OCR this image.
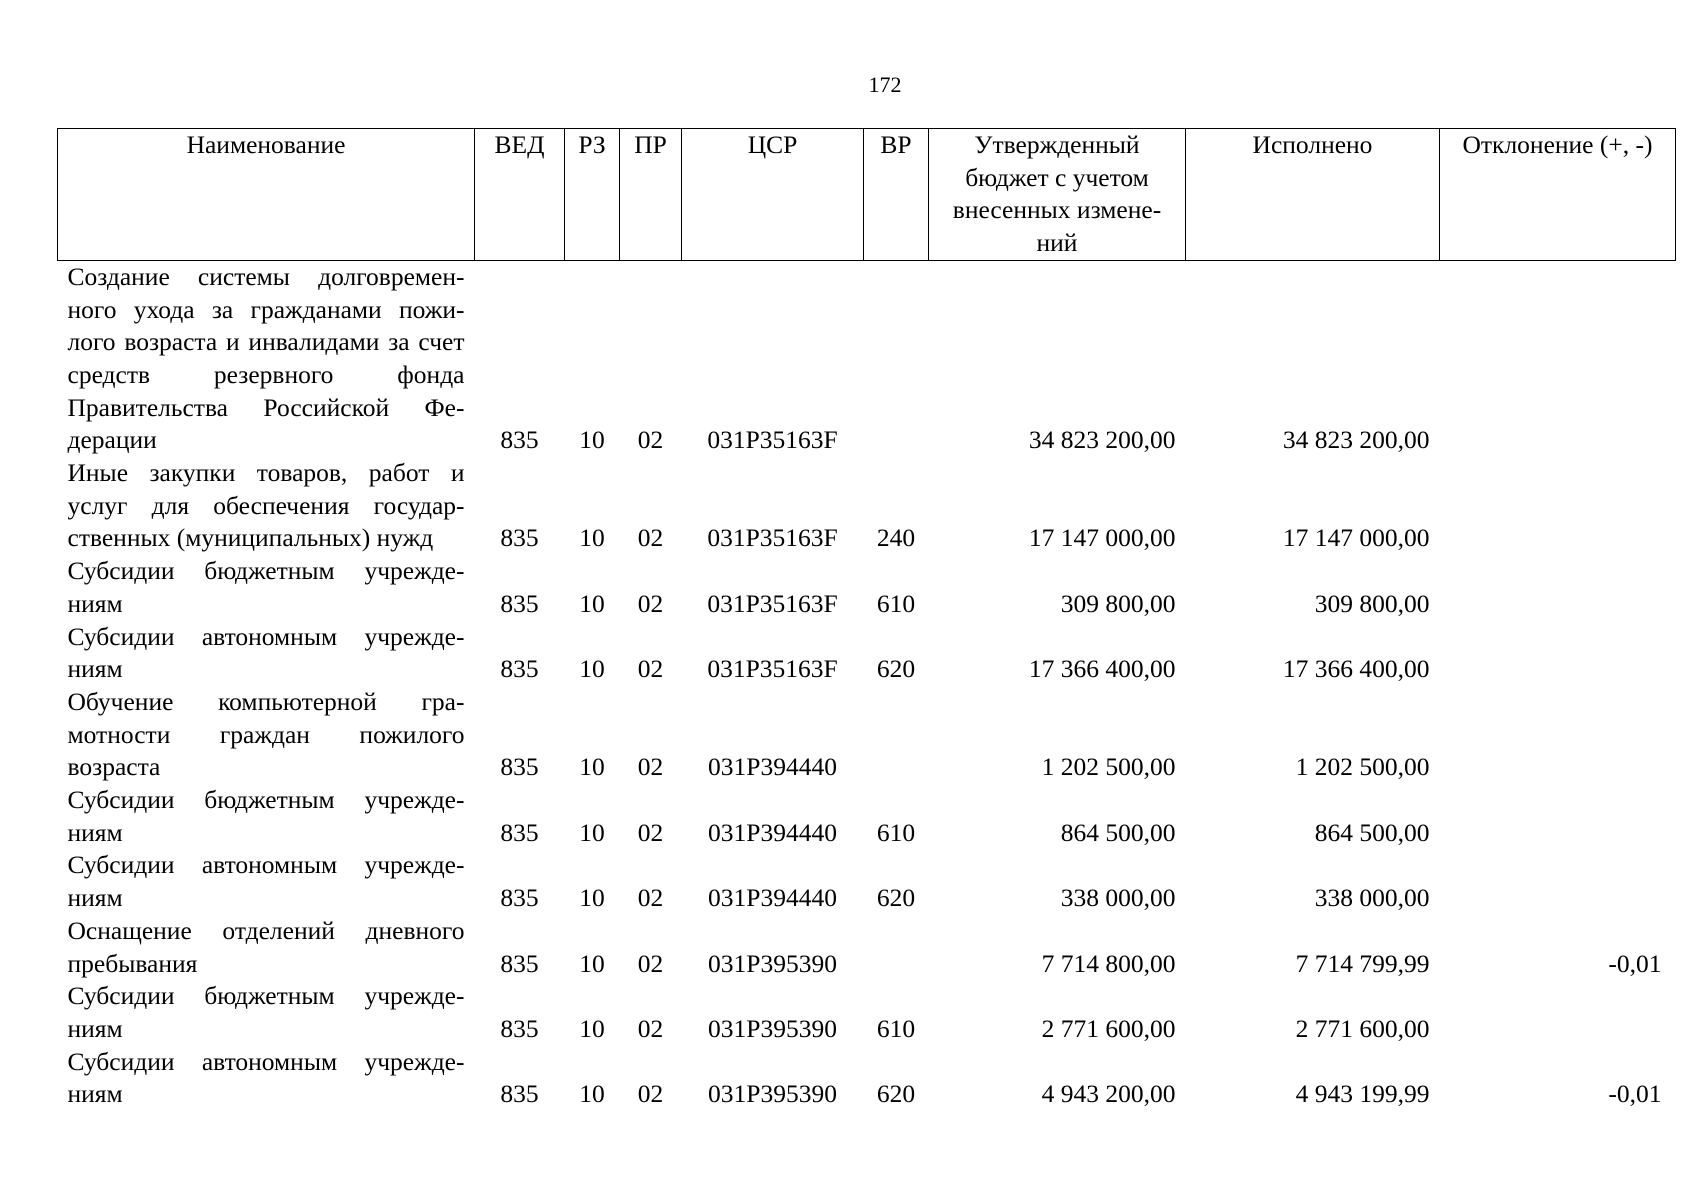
172
Наименование	ВЕД	РЗ	ПР	ЦСР	ВР	Утвержденный бюджет с учетом внесенных измене-ний	Исполнено	Отклонение (+, -)
Создание системы долговремен-ного ухода за гражданами пожи-лого возраста и инвалидами за счет средств резервного фонда Правительства Российской Фе-дерации	835	10	02	031P35163F		34 823 200,00	34 823 200,00	
Иные закупки товаров, работ и услуг для обеспечения государ-ственных (муниципальных) нужд	835	10	02	031P35163F	240	17 147 000,00	17 147 000,00	
Субсидии бюджетным учрежде-ниям	835	10	02	031P35163F	610	309 800,00	309 800,00	
Субсидии автономным учрежде-ниям	835	10	02	031P35163F	620	17 366 400,00	17 366 400,00	
Обучение компьютерной гра-мотности граждан пожилого возраста	835	10	02	031P394440		1 202 500,00	1 202 500,00	
Субсидии бюджетным учрежде-ниям	835	10	02	031P394440	610	864 500,00	864 500,00	
Субсидии автономным учрежде-ниям	835	10	02	031P394440	620	338 000,00	338 000,00	
Оснащение отделений дневного пребывания	835	10	02	031P395390		7 714 800,00	7 714 799,99	-0,01
Субсидии бюджетным учрежде-ниям	835	10	02	031P395390	610	2 771 600,00	2 771 600,00	
Субсидии автономным учрежде-ниям	835	10	02	031P395390	620	4 943 200,00	4 943 199,99	-0,01
